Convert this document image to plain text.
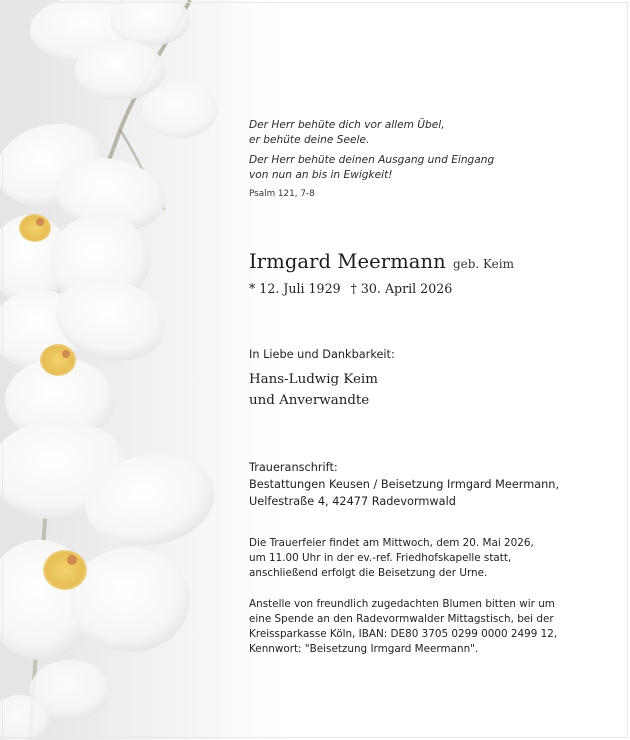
Der Herr behüte dich vor allem Übel,
er behüte deine Seele.
Der Herr behüte deinen Ausgang und Eingang
von nun an bis in Ewigkeit!
Psalm 121, 7-8
Irmgard Meermann geb. Keim
* 12. Juli 1929 † 30. April 2026
In Liebe und Dankbarkeit:
Hans-Ludwig Keim
und Anverwandte
Traueranschrift:
Bestattungen Keusen / Beisetzung Irmgard Meermann,
Uelfestraße 4, 42477 Radevormwald
Die Trauerfeier findet am Mittwoch, dem 20. Mai 2026,
um 11.00 Uhr in der ev.-ref. Friedhofskapelle statt,
anschließend erfolgt die Beisetzung der Urne.
Anstelle von freundlich zugedachten Blumen bitten wir um
eine Spende an den Radevormwalder Mittagstisch, bei der
Kreissparkasse Köln, IBAN: DE80 3705 0299 0000 2499 12,
Kennwort: "Beisetzung Irmgard Meermann".
